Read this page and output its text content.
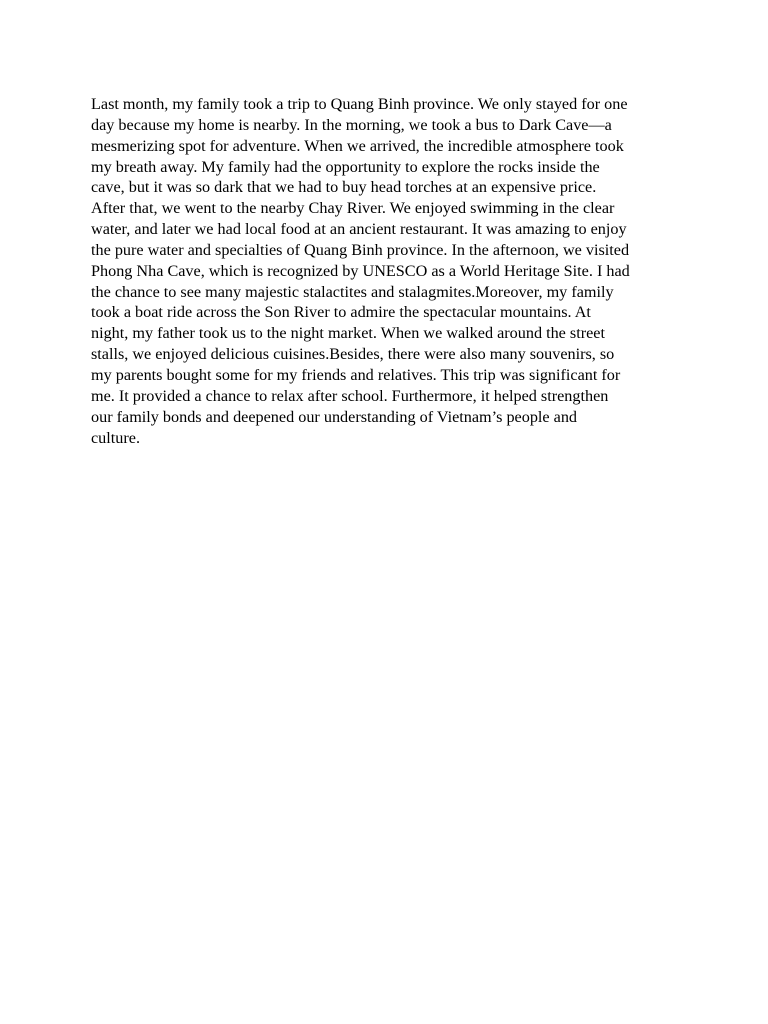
Last month, my family took a trip to Quang Binh province. We only stayed for one
day because my home is nearby. In the morning, we took a bus to Dark Cave—a
mesmerizing spot for adventure. When we arrived, the incredible atmosphere took
my breath away. My family had the opportunity to explore the rocks inside the
cave, but it was so dark that we had to buy head torches at an expensive price.
After that, we went to the nearby Chay River. We enjoyed swimming in the clear
water, and later we had local food at an ancient restaurant. It was amazing to enjoy
the pure water and specialties of Quang Binh province. In the afternoon, we visited
Phong Nha Cave, which is recognized by UNESCO as a World Heritage Site. I had
the chance to see many majestic stalactites and stalagmites.Moreover, my family
took a boat ride across the Son River to admire the spectacular mountains. At
night, my father took us to the night market. When we walked around the street
stalls, we enjoyed delicious cuisines.Besides, there were also many souvenirs, so
my parents bought some for my friends and relatives. This trip was significant for
me. It provided a chance to relax after school. Furthermore, it helped strengthen
our family bonds and deepened our understanding of Vietnam’s people and
culture.
